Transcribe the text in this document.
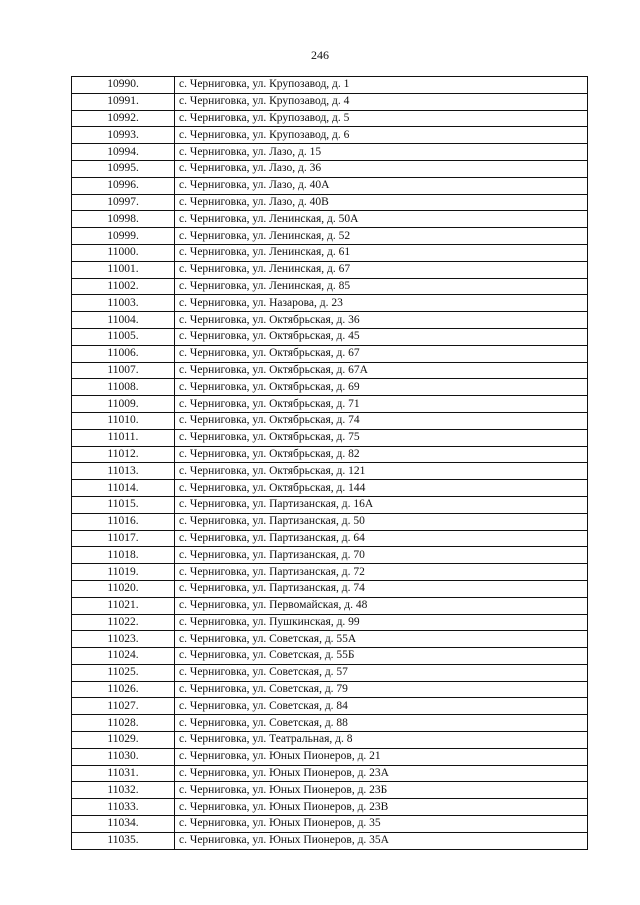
246
10990.	с. Черниговка, ул. Крупозавод, д. 1
10991.	с. Черниговка, ул. Крупозавод, д. 4
10992.	с. Черниговка, ул. Крупозавод, д. 5
10993.	с. Черниговка, ул. Крупозавод, д. 6
10994.	с. Черниговка, ул. Лазо, д. 15
10995.	с. Черниговка, ул. Лазо, д. 36
10996.	с. Черниговка, ул. Лазо, д. 40А
10997.	с. Черниговка, ул. Лазо, д. 40В
10998.	с. Черниговка, ул. Ленинская, д. 50А
10999.	с. Черниговка, ул. Ленинская, д. 52
11000.	с. Черниговка, ул. Ленинская, д. 61
11001.	с. Черниговка, ул. Ленинская, д. 67
11002.	с. Черниговка, ул. Ленинская, д. 85
11003.	с. Черниговка, ул. Назарова, д. 23
11004.	с. Черниговка, ул. Октябрьская, д. 36
11005.	с. Черниговка, ул. Октябрьская, д. 45
11006.	с. Черниговка, ул. Октябрьская, д. 67
11007.	с. Черниговка, ул. Октябрьская, д. 67А
11008.	с. Черниговка, ул. Октябрьская, д. 69
11009.	с. Черниговка, ул. Октябрьская, д. 71
11010.	с. Черниговка, ул. Октябрьская, д. 74
11011.	с. Черниговка, ул. Октябрьская, д. 75
11012.	с. Черниговка, ул. Октябрьская, д. 82
11013.	с. Черниговка, ул. Октябрьская, д. 121
11014.	с. Черниговка, ул. Октябрьская, д. 144
11015.	с. Черниговка, ул. Партизанская, д. 16А
11016.	с. Черниговка, ул. Партизанская, д. 50
11017.	с. Черниговка, ул. Партизанская, д. 64
11018.	с. Черниговка, ул. Партизанская, д. 70
11019.	с. Черниговка, ул. Партизанская, д. 72
11020.	с. Черниговка, ул. Партизанская, д. 74
11021.	с. Черниговка, ул. Первомайская, д. 48
11022.	с. Черниговка, ул. Пушкинская, д. 99
11023.	с. Черниговка, ул. Советская, д. 55А
11024.	с. Черниговка, ул. Советская, д. 55Б
11025.	с. Черниговка, ул. Советская, д. 57
11026.	с. Черниговка, ул. Советская, д. 79
11027.	с. Черниговка, ул. Советская, д. 84
11028.	с. Черниговка, ул. Советская, д. 88
11029.	с. Черниговка, ул. Театральная, д. 8
11030.	с. Черниговка, ул. Юных Пионеров, д. 21
11031.	с. Черниговка, ул. Юных Пионеров, д. 23А
11032.	с. Черниговка, ул. Юных Пионеров, д. 23Б
11033.	с. Черниговка, ул. Юных Пионеров, д. 23В
11034.	с. Черниговка, ул. Юных Пионеров, д. 35
11035.	с. Черниговка, ул. Юных Пионеров, д. 35А
